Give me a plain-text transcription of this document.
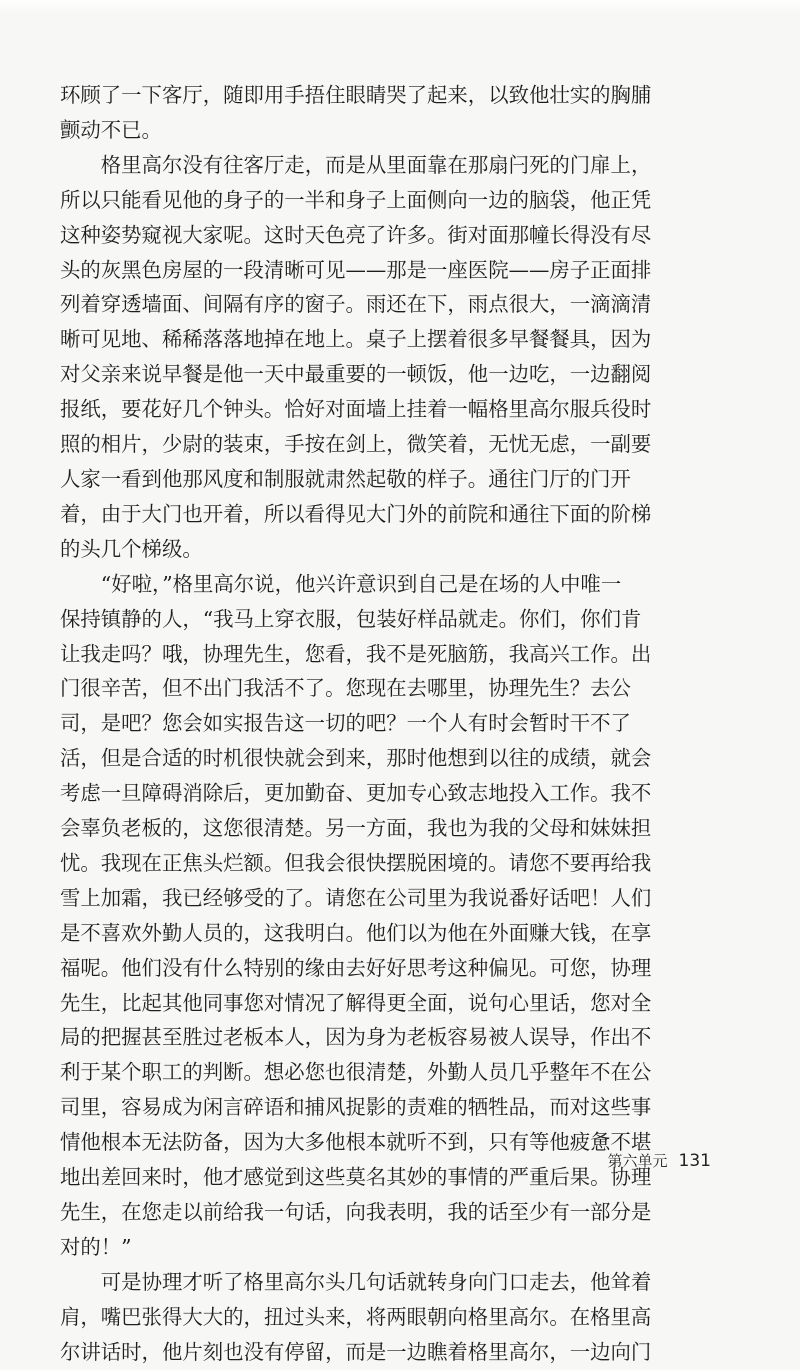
环顾了一下客厅，随即用手捂住眼睛哭了起来，以致他壮实的胸脯
颤动不已。

格里高尔没有往客厅走，而是从里面靠在那扇闩死的门扉上，
所以只能看见他的身子的一半和身子上面侧向一边的脑袋，他正凭
这种姿势窥视大家呢。这时天色亮了许多。街对面那幢长得没有尽
头的灰黑色房屋的一段清晰可见——那是一座医院——房子正面排
列着穿透墙面、间隔有序的窗子。雨还在下，雨点很大，一滴滴清
晰可见地、稀稀落落地掉在地上。桌子上摆着很多早餐餐具，因为
对父亲来说早餐是他一天中最重要的一顿饭，他一边吃，一边翻阅
报纸，要花好几个钟头。恰好对面墙上挂着一幅格里高尔服兵役时
照的相片，少尉的装束，手按在剑上，微笑着，无忧无虑，一副要
人家一看到他那风度和制服就肃然起敬的样子。通往门厅的门开
着，由于大门也开着，所以看得见大门外的前院和通往下面的阶梯
的头几个梯级。

“好啦，”格里高尔说，他兴许意识到自己是在场的人中唯一
保持镇静的人，“我马上穿衣服，包装好样品就走。你们，你们肯
让我走吗？哦，协理先生，您看，我不是死脑筋，我高兴工作。出
门很辛苦，但不出门我活不了。您现在去哪里，协理先生？去公
司，是吧？您会如实报告这一切的吧？一个人有时会暂时干不了
活，但是合适的时机很快就会到来，那时他想到以往的成绩，就会
考虑一旦障碍消除后，更加勤奋、更加专心致志地投入工作。我不
会辜负老板的，这您很清楚。另一方面，我也为我的父母和妹妹担
忧。我现在正焦头烂额。但我会很快摆脱困境的。请您不要再给我
雪上加霜，我已经够受的了。请您在公司里为我说番好话吧！人们
是不喜欢外勤人员的，这我明白。他们以为他在外面赚大钱，在享
福呢。他们没有什么特别的缘由去好好思考这种偏见。可您，协理
先生，比起其他同事您对情况了解得更全面，说句心里话，您对全
局的把握甚至胜过老板本人，因为身为老板容易被人误导，作出不
利于某个职工的判断。想必您也很清楚，外勤人员几乎整年不在公
司里，容易成为闲言碎语和捕风捉影的责难的牺牲品，而对这些事
情他根本无法防备，因为大多他根本就听不到，只有等他疲惫不堪
地出差回来时，他才感觉到这些莫名其妙的事情的严重后果。协理
先生，在您走以前给我一句话，向我表明，我的话至少有一部分是
对的！”

可是协理才听了格里高尔头几句话就转身向门口走去，他耸着
肩，嘴巴张得大大的，扭过头来，将两眼朝向格里高尔。在格里高
尔讲话时，他片刻也没有停留，而是一边瞧着格里高尔，一边向门

第六单元 131
